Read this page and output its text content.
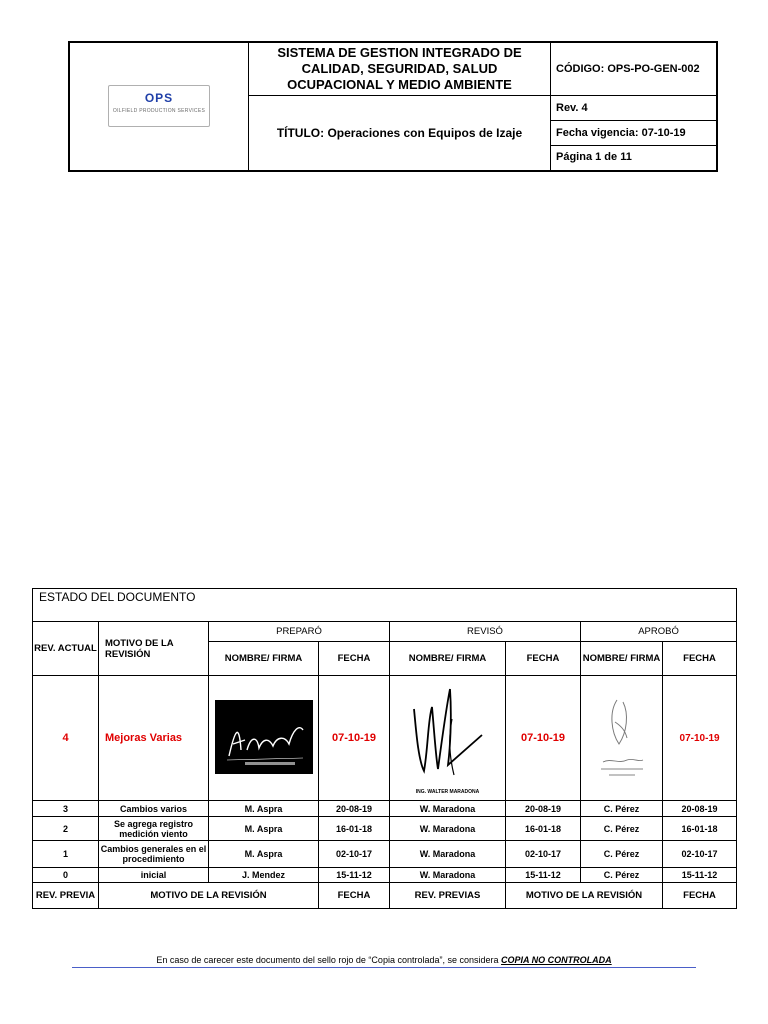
OPS
OILFIELD PRODUCTION SERVICES	SISTEMA DE GESTION INTEGRADO DE CALIDAD, SEGURIDAD, SALUD OCUPACIONAL Y MEDIO AMBIENTE	CÓDIGO: OPS-PO-GEN-002
	TÍTULO: Operaciones con Equipos de Izaje	Rev. 4
		Fecha vigencia: 07-10-19
		Página 1 de 11
ESTADO DEL DOCUMENTO							
REV. ACTUAL	MOTIVO DE LA REVISIÓN	PREPARÓ		REVISÓ		APROBÓ	
		NOMBRE/ FIRMA	FECHA	NOMBRE/ FIRMA	FECHA	NOMBRE/ FIRMA	FECHA
4	Mejoras Varias		07-10-19	ING. WALTER MARADONA	07-10-19		07-10-19
3	Cambios varios	M. Aspra	20-08-19	W. Maradona	20-08-19	C. Pérez	20-08-19
2	Se agrega registro medición viento	M. Aspra	16-01-18	W. Maradona	16-01-18	C. Pérez	16-01-18
1	Cambios generales en el procedimiento	M. Aspra	02-10-17	W. Maradona	02-10-17	C. Pérez	02-10-17
0	inicial	J. Mendez	15-11-12	W. Maradona	15-11-12	C. Pérez	15-11-12
REV. PREVIA	MOTIVO DE LA REVISIÓN		FECHA	REV. PREVIAS	MOTIVO DE LA REVISIÓN		FECHA
En caso de carecer este documento del sello rojo de “Copia controlada”, se considera COPIA NO CONTROLADA
